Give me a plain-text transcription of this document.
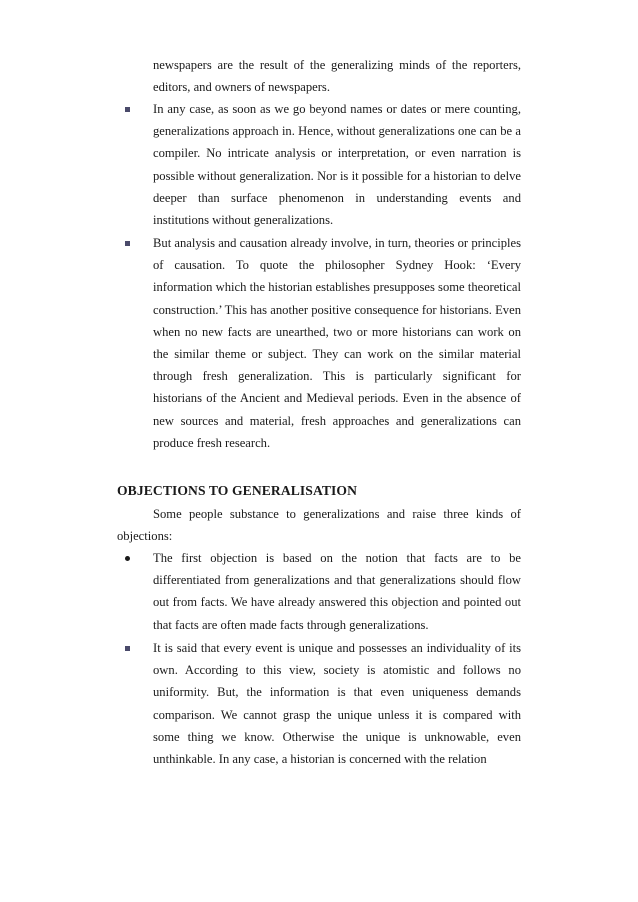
newspapers are the result of the generalizing minds of the reporters, editors, and owners of newspapers.
In any case, as soon as we go beyond names or dates or mere counting, generalizations approach in. Hence, without generalizations one can be a compiler. No intricate analysis or interpretation, or even narration is possible without generalization. Nor is it possible for a historian to delve deeper than surface phenomenon in understanding events and institutions without generalizations.
But analysis and causation already involve, in turn, theories or principles of causation. To quote the philosopher Sydney Hook: ‘Every information which the historian establishes presupposes some theoretical construction.’ This has another positive consequence for historians. Even when no new facts are unearthed, two or more historians can work on the similar theme or subject. They can work on the similar material through fresh generalization. This is particularly significant for historians of the Ancient and Medieval periods. Even in the absence of new sources and material, fresh approaches and generalizations can produce fresh research.
OBJECTIONS TO GENERALISATION
Some people substance to generalizations and raise three kinds of objections:
The first objection is based on the notion that facts are to be differentiated from generalizations and that generalizations should flow out from facts. We have already answered this objection and pointed out that facts are often made facts through generalizations.
It is said that every event is unique and possesses an individuality of its own. According to this view, society is atomistic and follows no uniformity. But, the information is that even uniqueness demands comparison. We cannot grasp the unique unless it is compared with some thing we know. Otherwise the unique is unknowable, even unthinkable. In any case, a historian is concerned with the relation
